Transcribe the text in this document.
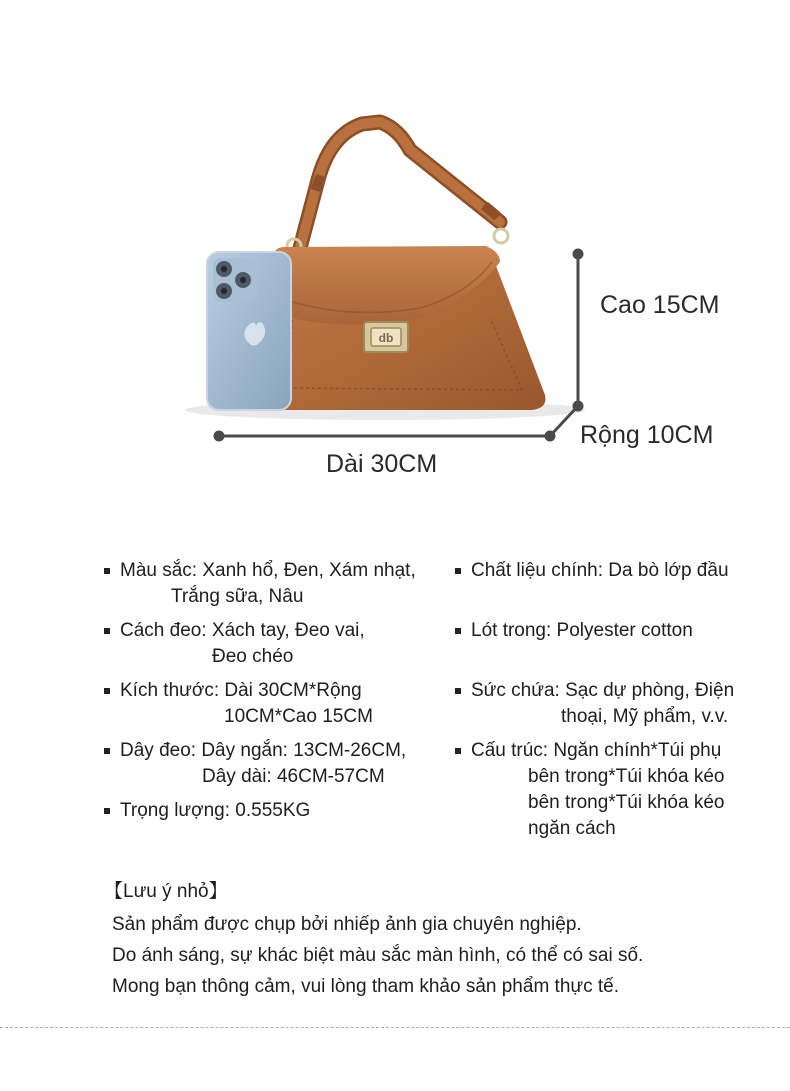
db
Cao 15CM
Rộng 10CM
Dài 30CM
Màu sắc: Xanh hổ, Đen, Xám nhạt,
Trắng sữa, Nâu
Cách đeo: Xách tay, Đeo vai,
Đeo chéo
Kích thước: Dài 30CM*Rộng
10CM*Cao 15CM
Dây đeo: Dây ngắn: 13CM-26CM,
Dây dài: 46CM-57CM
Trọng lượng: 0.555KG
Chất liệu chính: Da bò lớp đầu
Lót trong: Polyester cotton
Sức chứa: Sạc dự phòng, Điện
thoại, Mỹ phẩm, v.v.
Cấu trúc: Ngăn chính*Túi phụ
bên trong*Túi khóa kéo
bên trong*Túi khóa kéo
ngăn cách
【Lưu ý nhỏ】
Sản phẩm được chụp bởi nhiếp ảnh gia chuyên nghiệp.
Do ánh sáng, sự khác biệt màu sắc màn hình, có thể có sai số.
Mong bạn thông cảm, vui lòng tham khảo sản phẩm thực tế.
